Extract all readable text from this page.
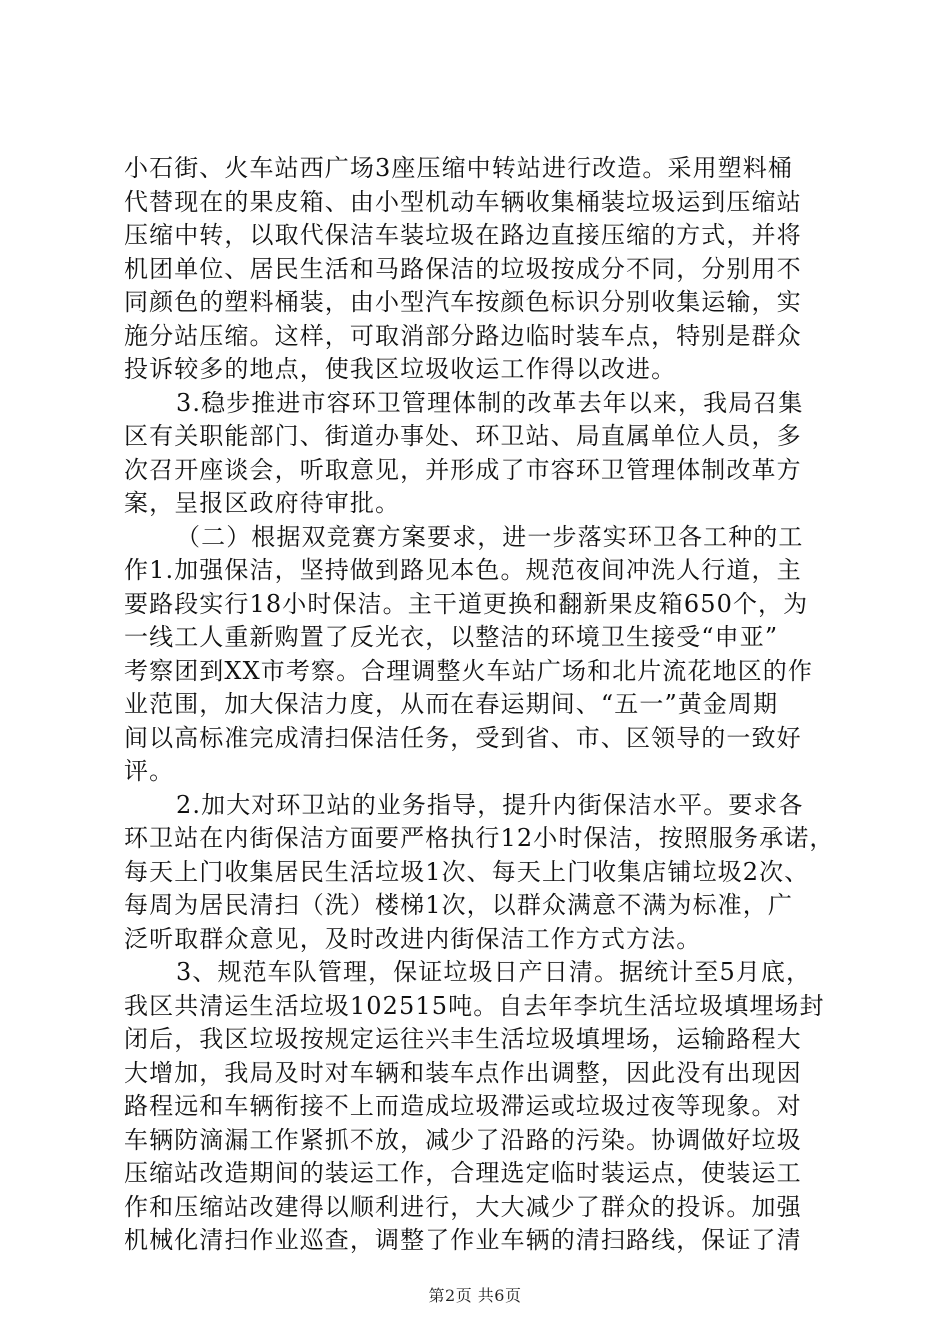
小石街、火车站西广场3座压缩中转站进行改造。采用塑料桶
代替现在的果皮箱、由小型机动车辆收集桶装垃圾运到压缩站
压缩中转，以取代保洁车装垃圾在路边直接压缩的方式，并将
机团单位、居民生活和马路保洁的垃圾按成分不同，分别用不
同颜色的塑料桶装，由小型汽车按颜色标识分别收集运输，实
施分站压缩。这样，可取消部分路边临时装车点，特别是群众
投诉较多的地点，使我区垃圾收运工作得以改进。

3.稳步推进市容环卫管理体制的改革去年以来，我局召集
区有关职能部门、街道办事处、环卫站、局直属单位人员，多
次召开座谈会，听取意见，并形成了市容环卫管理体制改革方
案，呈报区政府待审批。

（二）根据双竞赛方案要求，进一步落实环卫各工种的工
作1.加强保洁，坚持做到路见本色。规范夜间冲洗人行道，主
要路段实行18小时保洁。主干道更换和翻新果皮箱650个，为
一线工人重新购置了反光衣，以整洁的环境卫生接受“申亚”
考察团到XX市考察。合理调整火车站广场和北片流花地区的作
业范围，加大保洁力度，从而在春运期间、“五一”黄金周期
间以高标准完成清扫保洁任务，受到省、市、区领导的一致好
评。

2.加大对环卫站的业务指导，提升内街保洁水平。要求各
环卫站在内街保洁方面要严格执行12小时保洁，按照服务承诺，
每天上门收集居民生活垃圾1次、每天上门收集店铺垃圾2次、
每周为居民清扫（洗）楼梯1次，以群众满意不满为标准，广
泛听取群众意见，及时改进内街保洁工作方式方法。

3、规范车队管理，保证垃圾日产日清。据统计至5月底，
我区共清运生活垃圾102515吨。自去年李坑生活垃圾填埋场封
闭后，我区垃圾按规定运往兴丰生活垃圾填埋场，运输路程大
大增加，我局及时对车辆和装车点作出调整，因此没有出现因
路程远和车辆衔接不上而造成垃圾滞运或垃圾过夜等现象。对
车辆防滴漏工作紧抓不放，减少了沿路的污染。协调做好垃圾
压缩站改造期间的装运工作，合理选定临时装运点，使装运工
作和压缩站改建得以顺利进行，大大减少了群众的投诉。加强
机械化清扫作业巡查，调整了作业车辆的清扫路线，保证了清

第2页 共6页
